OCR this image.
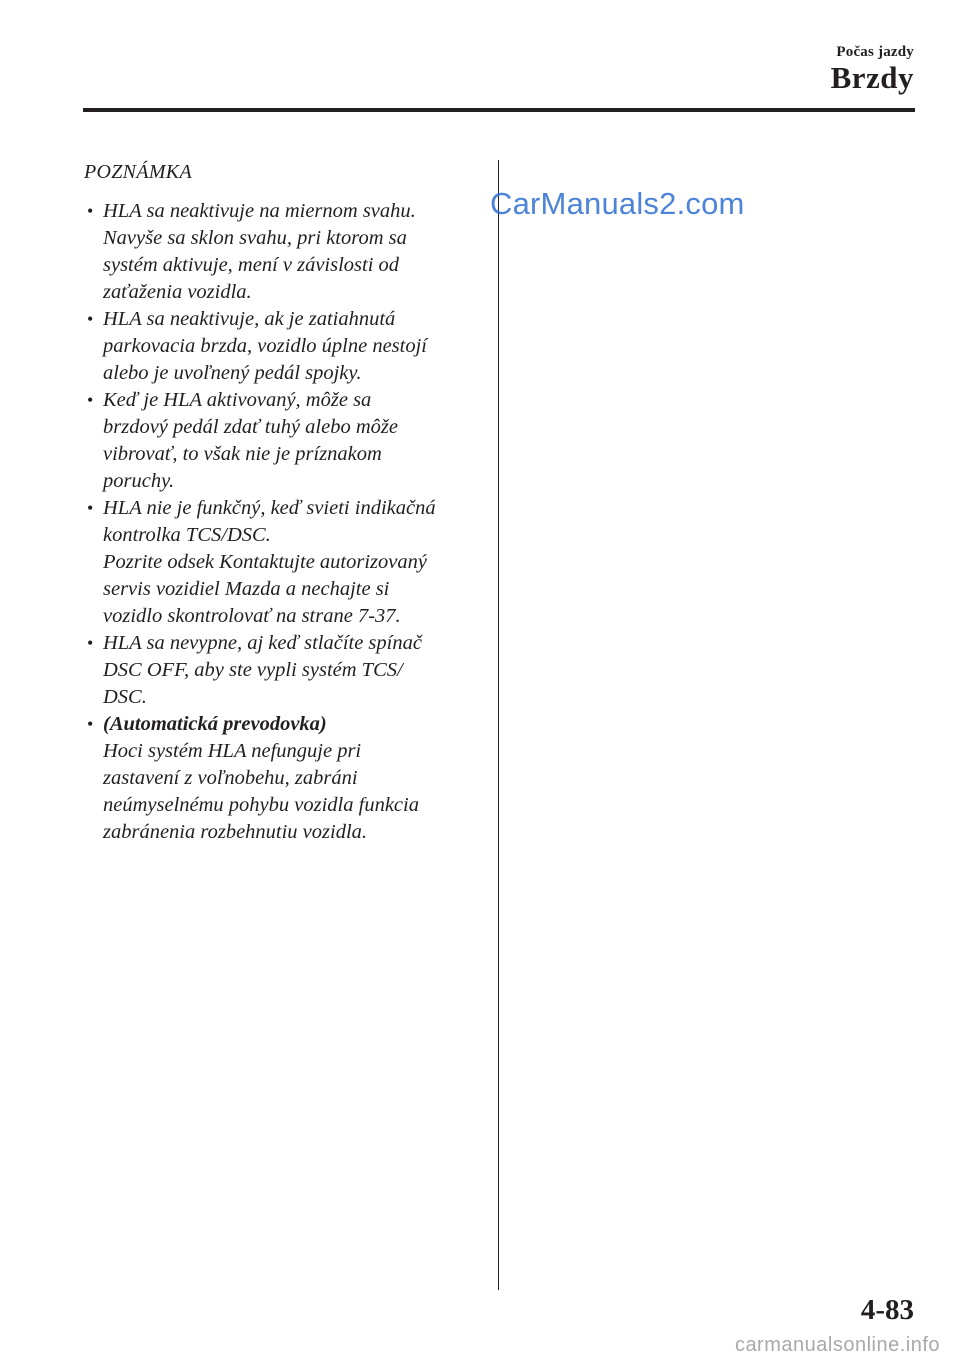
Počas jazdy
Brzdy
POZNÁMKA
• HLA sa neaktivuje na miernom svahu.
Navyše sa sklon svahu, pri ktorom sa
systém aktivuje, mení v závislosti od
zaťaženia vozidla.
• HLA sa neaktivuje, ak je zatiahnutá
parkovacia brzda, vozidlo úplne nestojí
alebo je uvoľnený pedál spojky.
• Keď je HLA aktivovaný, môže sa
brzdový pedál zdať tuhý alebo môže
vibrovať, to však nie je príznakom
poruchy.
• HLA nie je funkčný, keď svieti indikačná
kontrolka TCS/DSC.
Pozrite odsek Kontaktujte autorizovaný
servis vozidiel Mazda a nechajte si
vozidlo skontrolovať na strane 7-37.
• HLA sa nevypne, aj keď stlačíte spínač
DSC OFF, aby ste vypli systém TCS/
DSC.
• (Automatická prevodovka)
Hoci systém HLA nefunguje pri
zastavení z voľnobehu, zabráni
neúmyselnému pohybu vozidla funkcia
zabránenia rozbehnutiu vozidla.
CarManuals2.com
4-83
carmanualsonline.info
